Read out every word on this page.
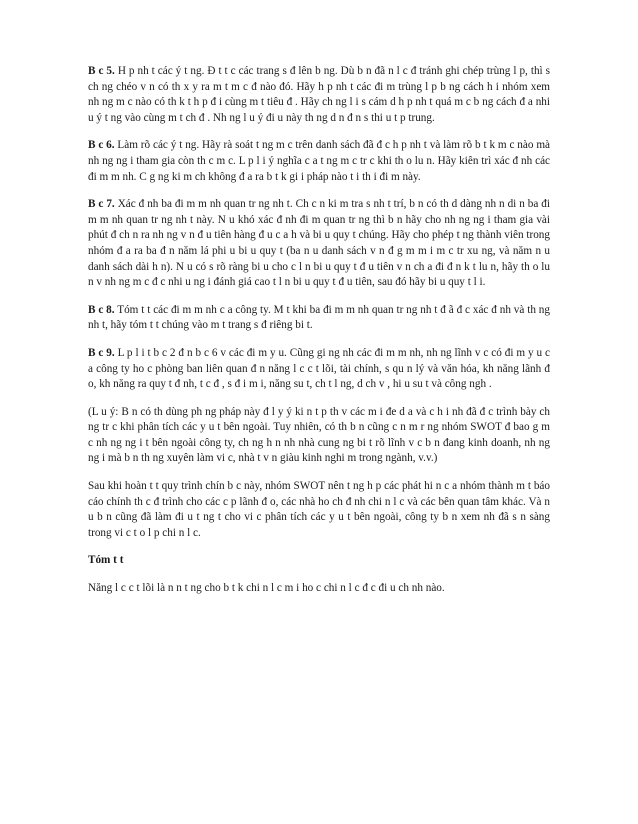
B c 5. H p nh t các ý t ng. Đ t t c các trang s đ lên b ng. Dù b n đã n l c đ tránh ghi chép trùng l p, thì s ch ng chéo v n có th x y ra m t m c đ nào đó. Hãy h p nh t các đi m trùng l p b ng cách h i nhóm xem nh ng m c nào có th k t h p đ i cùng m t tiêu đ . Hãy ch ng l i s cám d h p nh t quá m c b ng cách đ a nhi u ý t ng vào cùng m t ch đ . Nh ng l u ý đi u này th ng d n đ n s thi u t p trung.

B c 6. Làm rõ các ý t ng. Hãy rà soát t ng m c trên danh sách đã đ c h p nh t và làm rõ b t k m c nào mà nh ng ng i tham gia còn th c m c. L p l i ý nghĩa c a t ng m c tr c khi th o lu n. Hãy kiên trì xác đ nh các đi m m nh. C g ng ki m ch không đ a ra b t k gi i pháp nào t i th i đi m này.

B c 7. Xác đ nh ba đi m m nh quan tr ng nh t. Ch c n ki m tra s nh t trí, b n có th d dàng nh n di n ba đi m m nh quan tr ng nh t này. N u khó xác đ nh đi m quan tr ng thì b n hãy cho nh ng ng i tham gia vài phút đ ch n ra nh ng v n đ u tiên hàng đ u c a h và bi u quy t chúng. Hãy cho phép t ng thành viên trong nhóm đ a ra ba đ n năm lá phi u bi u quy t (ba n u danh sách v n đ g m m i m c tr xu ng, và năm n u danh sách dài h n). N u có s rõ ràng bi u cho c l n bi u quy t đ u tiên v n ch a đi đ n k t lu n, hãy th o lu n v nh ng m c đ c nhi u ng i đánh giá cao t l n bi u quy t đ u tiên, sau đó hãy bi u quy t l i.

B c 8. Tóm t t các đi m m nh c a công ty. M t khi ba đi m m nh quan tr ng nh t đ ã đ c xác đ nh và th ng nh t, hãy tóm t t chúng vào m t trang s đ riêng bi t.

B c 9. L p l i t b c 2 đ n b c 6 v các đi m y u. Cũng gi ng nh các đi m m nh, nh ng lĩnh v c có đi m y u c a công ty ho c phòng ban liên quan đ n năng l c c t lõi, tài chính, s qu n lý và văn hóa, kh năng lãnh đ o, kh năng ra quy t đ nh, t c đ , s đ i m i, năng su t, ch t l ng, d ch v , hi u su t và công ngh .

(L u ý: B n có th dùng ph ng pháp này đ l y ý ki n t p th v các m i đe d a và c h i nh đã đ c trình bày ch ng tr c khi phân tích các y u t bên ngoài. Tuy nhiên, có th b n cũng c n m r ng nhóm SWOT đ bao g m c nh ng ng i t bên ngoài công ty, ch ng h n nh nhà cung ng bi t rõ lĩnh v c b n đang kinh doanh, nh ng ng i mà b n th ng xuyên làm vi c, nhà t v n giàu kinh nghi m trong ngành, v.v.)

Sau khi hoàn t t quy trình chín b c này, nhóm SWOT nên t ng h p các phát hi n c a nhóm thành m t báo cáo chính th c đ trình cho các c p lãnh đ o, các nhà ho ch đ nh chi n l c và các bên quan tâm khác. Và n u b n cũng đã làm đi u t ng t cho vi c phân tích các y u t bên ngoài, công ty b n xem nh đã s n sàng trong vi c t o l p chi n l c.

Tóm t t

Năng l c c t lõi là n n t ng cho b t k chi n l c m i ho c chi n l c đ c đi u ch nh nào.
